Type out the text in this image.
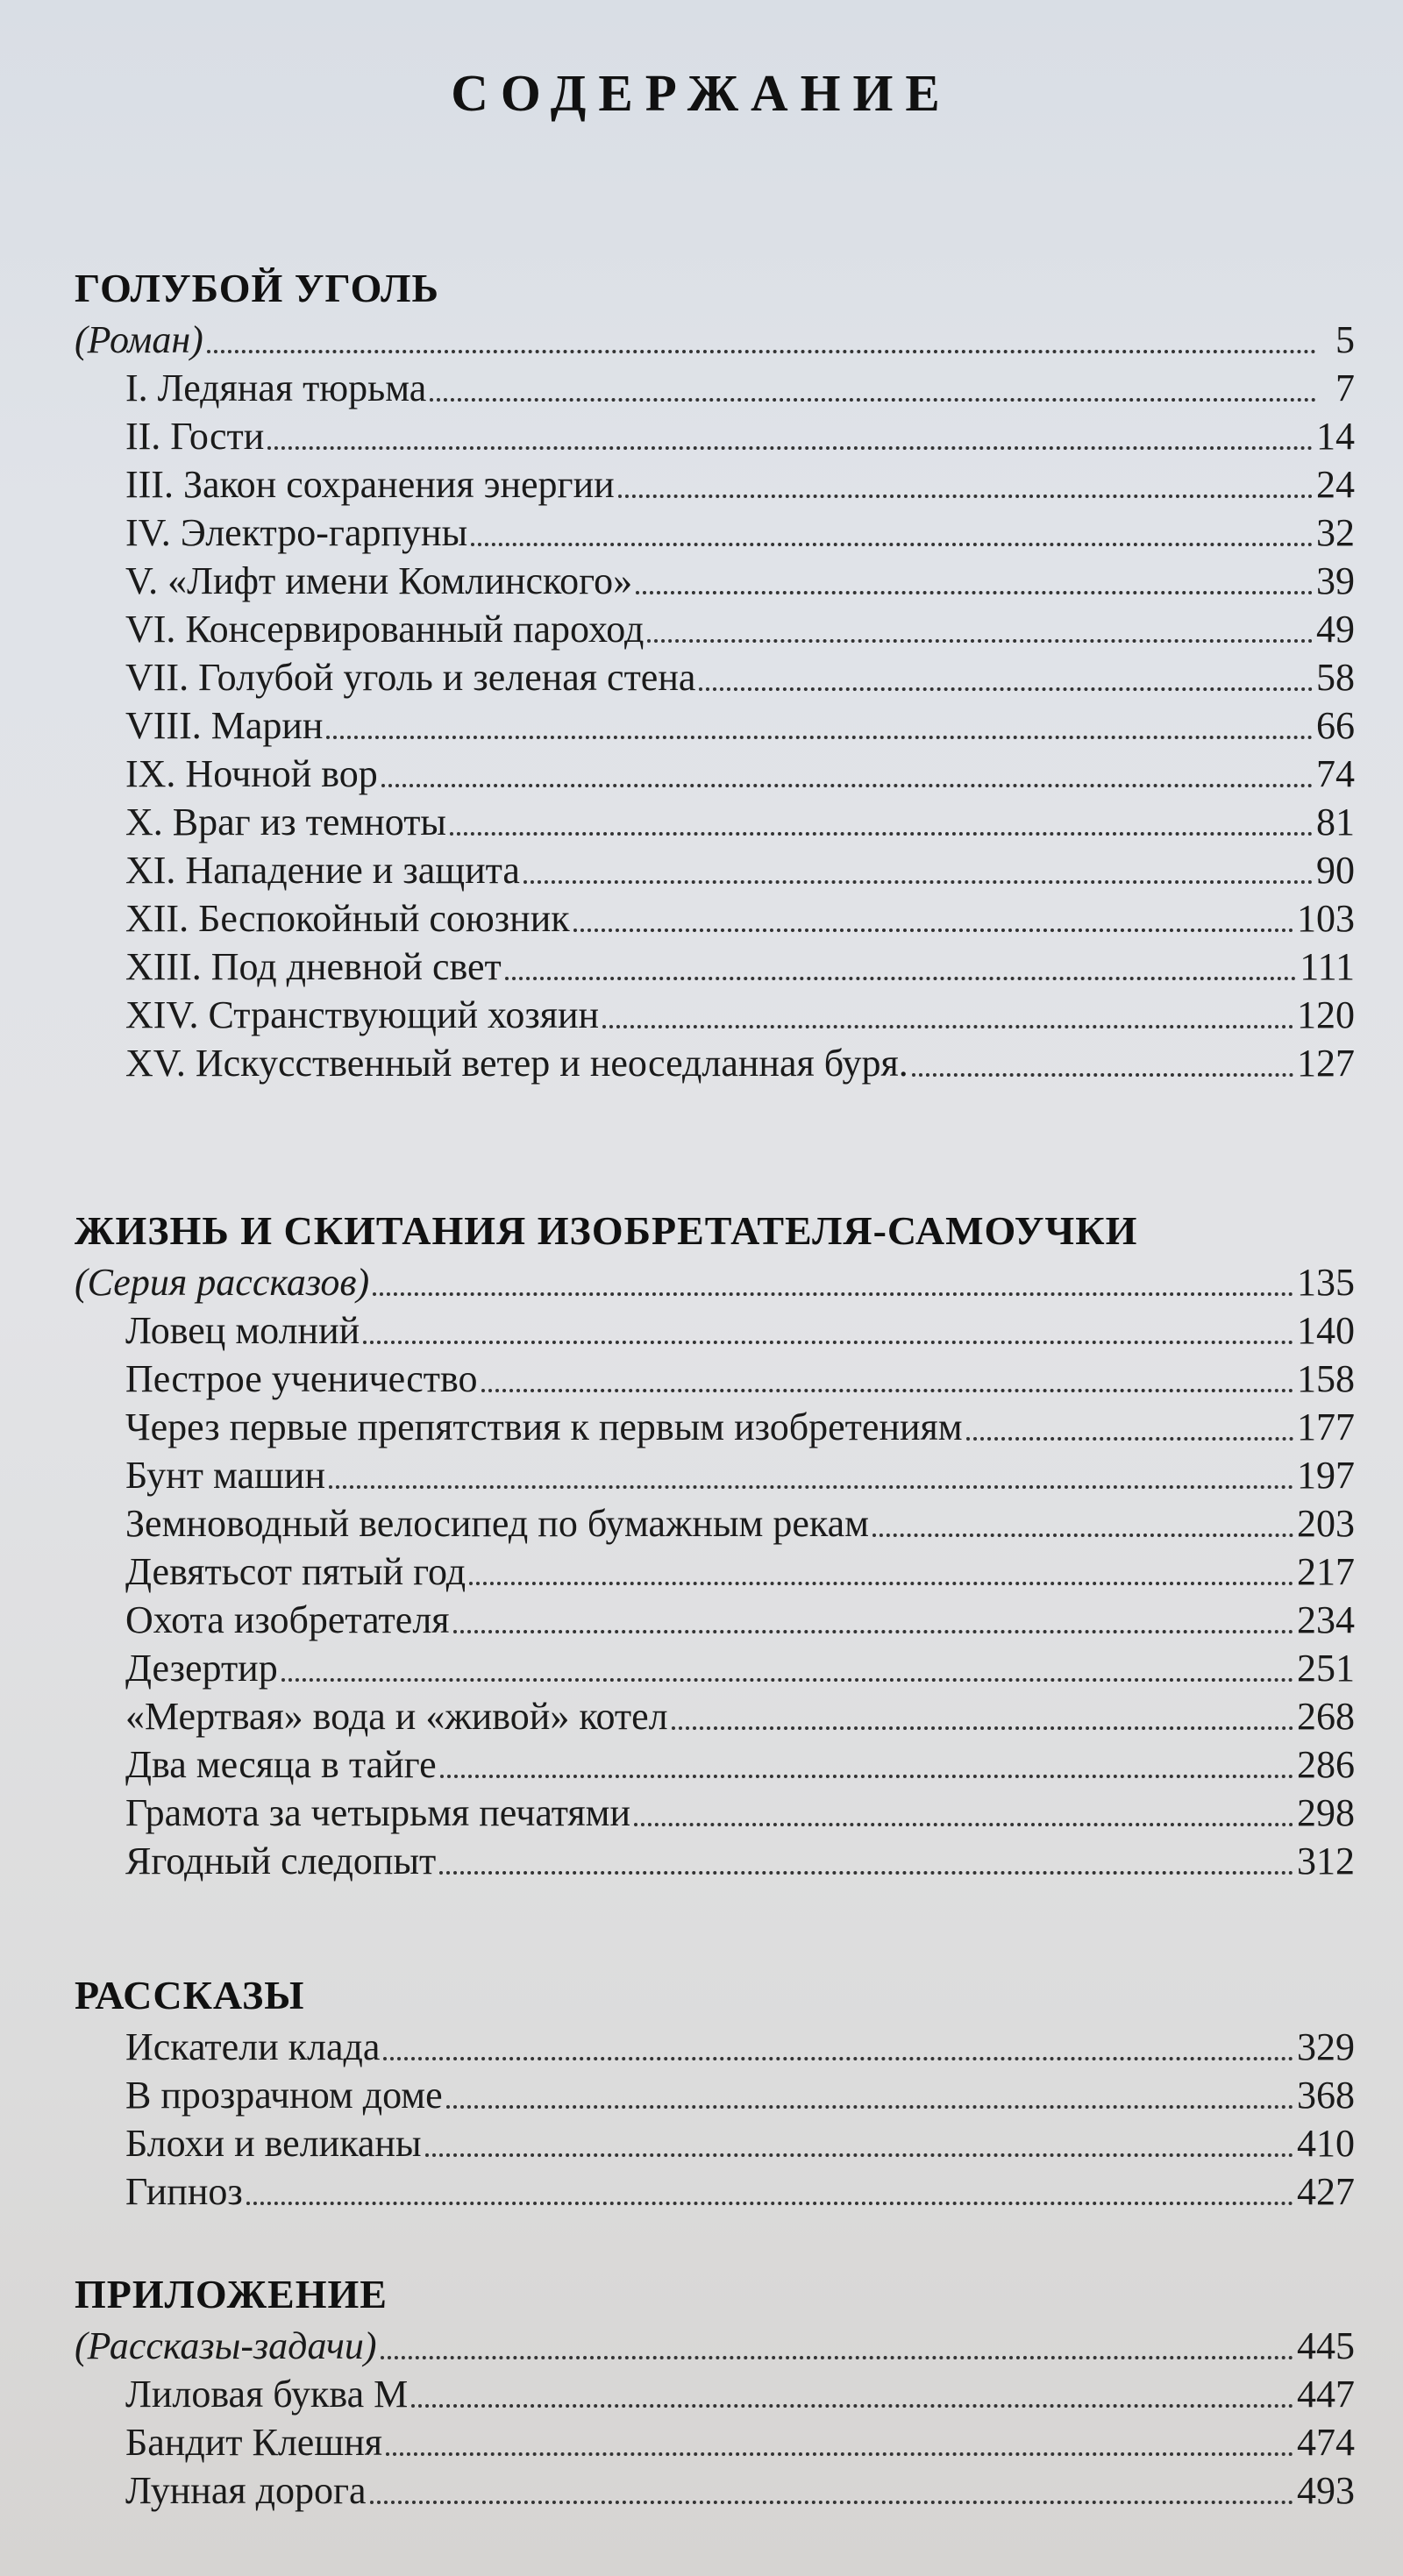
содержание
ГОЛУБОЙ УГОЛЬ
(Роман)	5
I. Ледяная тюрьма	7
II. Гости	14
III. Закон сохранения энергии	24
IV. Электро-гарпуны	32
V. «Лифт имени Комлинского»	39
VI. Консервированный пароход	49
VII. Голубой уголь и зеленая стена	58
VIII. Марин	66
IX. Ночной вор	74
X. Враг из темноты	81
XI. Нападение и защита	90
XII. Беспокойный союзник	103
XIII. Под дневной свет	111
XIV. Странствующий хозяин	120
XV. Искусственный ветер и неоседланная буря.	127
ЖИЗНЬ И СКИТАНИЯ ИЗОБРЕТАТЕЛЯ-САМОУЧКИ
(Серия рассказов)	135
Ловец молний	140
Пестрое ученичество	158
Через первые препятствия к первым изобретениям	177
Бунт машин	197
Земноводный велосипед по бумажным рекам	203
Девятьсот пятый год	217
Охота изобретателя	234
Дезертир	251
«Мертвая» вода и «живой» котел	268
Два месяца в тайге	286
Грамота за четырьмя печатями	298
Ягодный следопыт	312
РАССКАЗЫ
Искатели клада	329
В прозрачном доме	368
Блохи и великаны	410
Гипноз	427
ПРИЛОЖЕНИЕ
(Рассказы-задачи)	445
Лиловая буква М	447
Бандит Клешня	474
Лунная дорога	493
